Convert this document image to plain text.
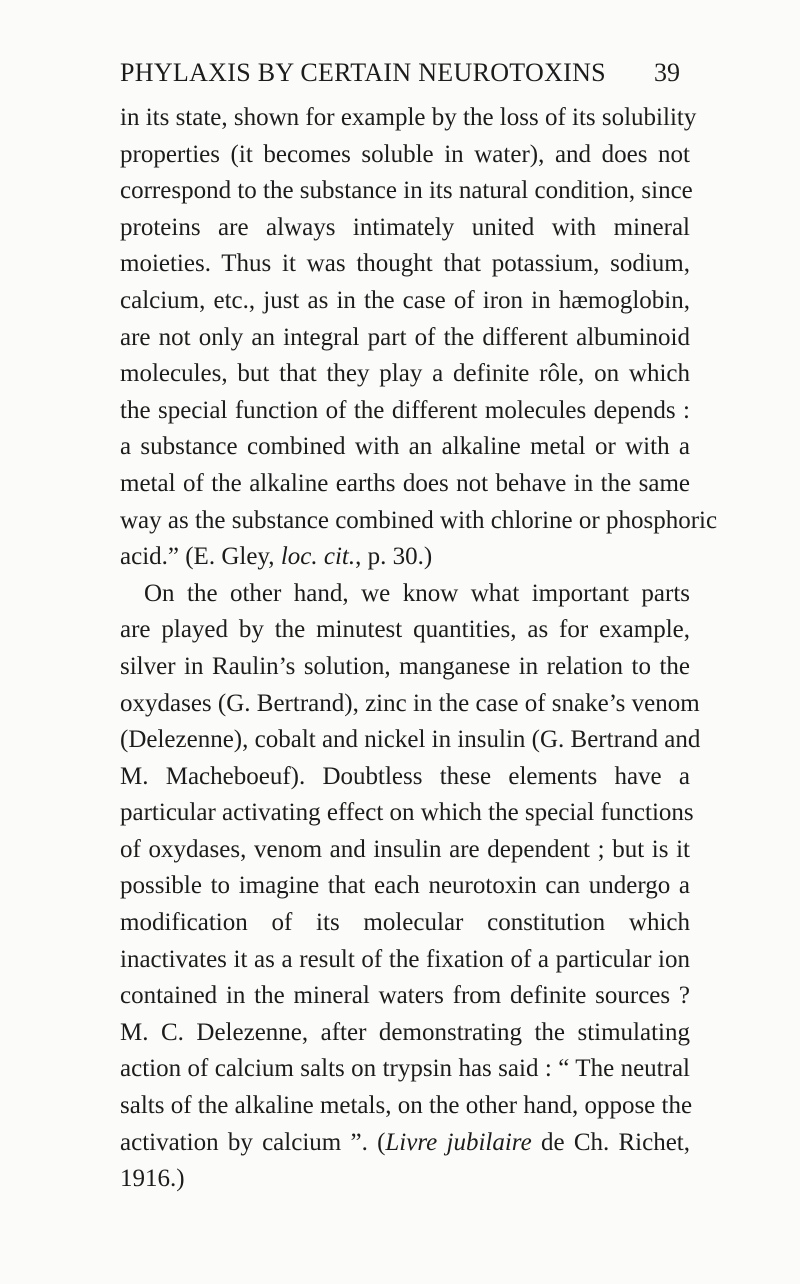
PHYLAXIS BY CERTAIN NEUROTOXINS 39
in its state, shown for example by the loss of its solubility
properties (it becomes soluble in water), and does not
correspond to the substance in its natural condition, since
proteins are always intimately united with mineral
moieties. Thus it was thought that potassium, sodium,
calcium, etc., just as in the case of iron in hæmoglobin,
are not only an integral part of the different albuminoid
molecules, but that they play a definite rôle, on which
the special function of the different molecules depends :
a substance combined with an alkaline metal or with a
metal of the alkaline earths does not behave in the same
way as the substance combined with chlorine or phosphoric
acid.” (E. Gley, loc. cit., p. 30.)
On the other hand, we know what important parts
are played by the minutest quantities, as for example,
silver in Raulin’s solution, manganese in relation to the
oxydases (G. Bertrand), zinc in the case of snake’s venom
(Delezenne), cobalt and nickel in insulin (G. Bertrand and
M. Macheboeuf). Doubtless these elements have a
particular activating effect on which the special functions
of oxydases, venom and insulin are dependent ; but is it
possible to imagine that each neurotoxin can undergo a
modification of its molecular constitution which
inactivates it as a result of the fixation of a particular ion
contained in the mineral waters from definite sources ?
M. C. Delezenne, after demonstrating the stimulating
action of calcium salts on trypsin has said : “ The neutral
salts of the alkaline metals, on the other hand, oppose the
activation by calcium ”. (Livre jubilaire de Ch. Richet,
1916.)
